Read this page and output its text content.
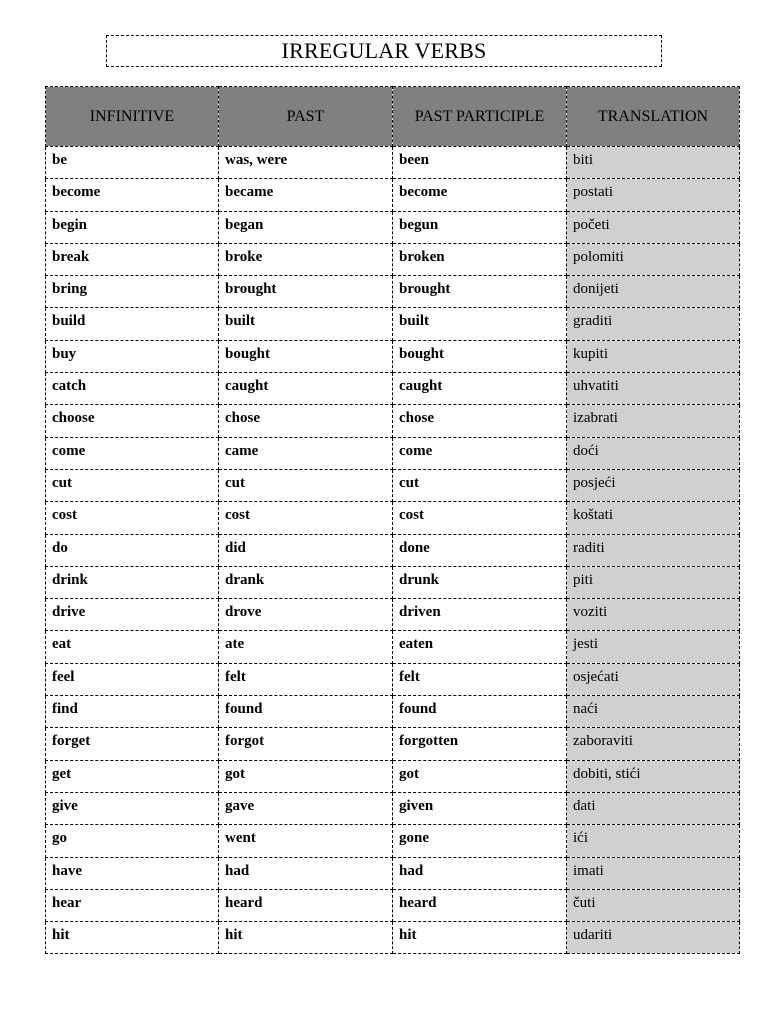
IRREGULAR VERBS
INFINITIVE	PAST	PAST PARTICIPLE	TRANSLATION
be	was, were	been	biti
become	became	become	postati
begin	began	begun	početi
break	broke	broken	polomiti
bring	brought	brought	donijeti
build	built	built	graditi
buy	bought	bought	kupiti
catch	caught	caught	uhvatiti
choose	chose	chose	izabrati
come	came	come	doći
cut	cut	cut	posjeći
cost	cost	cost	koštati
do	did	done	raditi
drink	drank	drunk	piti
drive	drove	driven	voziti
eat	ate	eaten	jesti
feel	felt	felt	osjećati
find	found	found	naći
forget	forgot	forgotten	zaboraviti
get	got	got	dobiti, stići
give	gave	given	dati
go	went	gone	ići
have	had	had	imati
hear	heard	heard	čuti
hit	hit	hit	udariti
